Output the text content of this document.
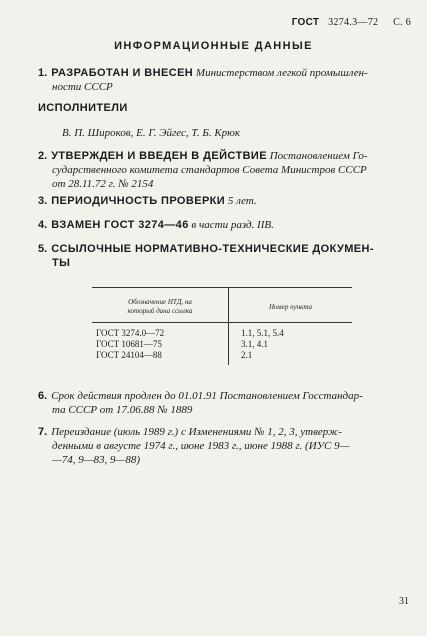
ГОСТ 3274.3—72 С. 6
ИНФОРМАЦИОННЫЕ ДАННЫЕ
1. РАЗРАБОТАН И ВНЕСЕН Министерством легкой промышлен-
ности СССР
ИСПОЛНИТЕЛИ
В. П. Широков, Е. Г. Эйгес, Т. Б. Крюк
2. УТВЕРЖДЕН И ВВЕДЕН В ДЕЙСТВИЕ Постановлением Го-
сударственного комитета стандартов Совета Министров СССР
от 28.11.72 г. № 2154
3. ПЕРИОДИЧНОСТЬ ПРОВЕРКИ 5 лет.
4. ВЗАМЕН ГОСТ 3274—46 в части разд. IIВ.
5. ССЫЛОЧНЫЕ НОРМАТИВНО-ТЕХНИЧЕСКИЕ ДОКУМЕН-
ТЫ
Обозначение НТД, на
который дана ссылка	Номер пункта
ГОСТ 3274.0—72	1.1, 5.1, 5.4
ГОСТ 10681—75	3.1, 4.1
ГОСТ 24104—88	2.1
6. Срок действия продлен до 01.01.91 Постановлением Госстандар-
та СССР от 17.06.88 № 1889
7. Переиздание (июль 1989 г.) с Изменениями № 1, 2, 3, утверж-
денными в августе 1974 г., июне 1983 г., июне 1988 г. (ИУС 9—
—74, 9—83, 9—88)
31
